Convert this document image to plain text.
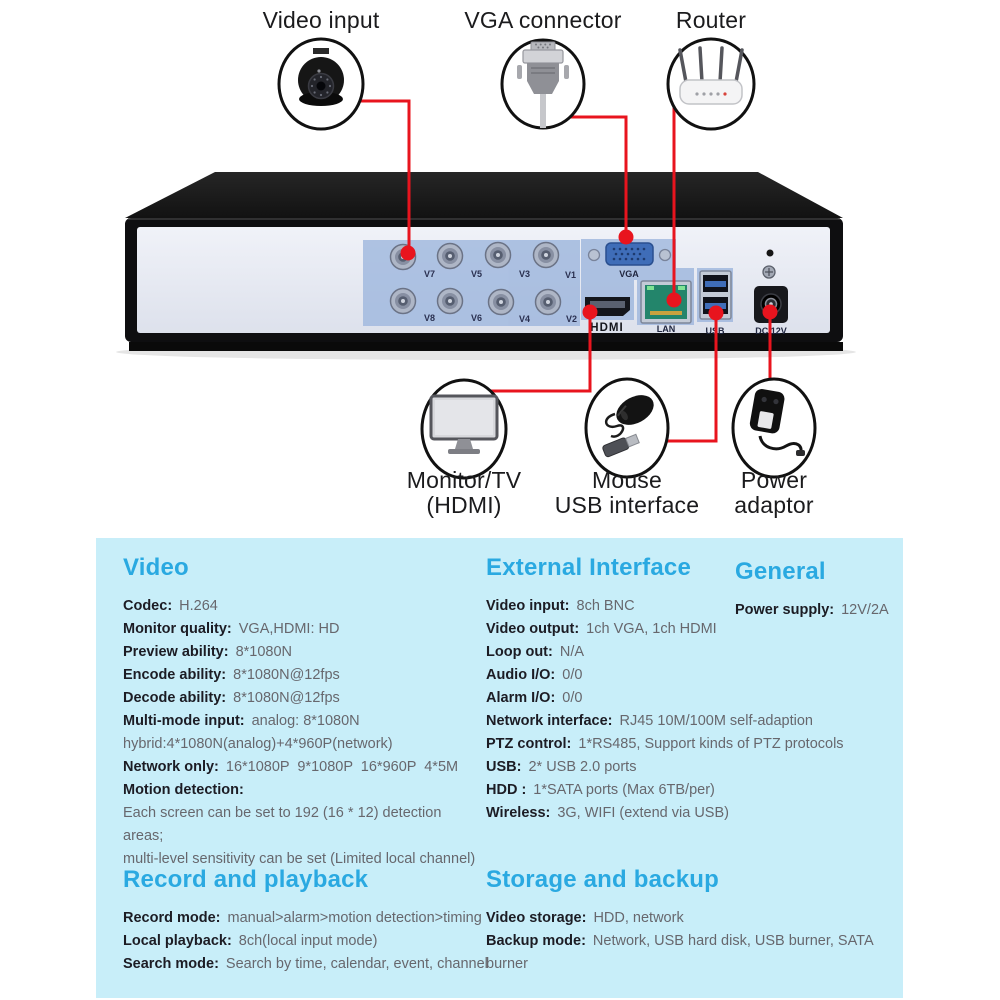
V7	V5	V3	V1
V8	V6	V4	V2
VGA
HDMI	LAN	USB	DC 12V
Video input	VGA connector Router
Monitor/TV
(HDMI)
Mouse
USB interface
Power
adaptor
Video
Codec: H.264
Monitor quality: VGA,HDMI: HD
Preview ability: 8*1080N
Encode ability: 8*1080N@12fps
Decode ability: 8*1080N@12fps
Multi-mode input: analog: 8*1080N
hybrid:4*1080N(analog)+4*960P(network)
Network only: 16*1080P  9*1080P  16*960P  4*5M
Motion detection:
Each screen can be set to 192 (16 * 12) detection areas;
multi-level sensitivity can be set (Limited local channel)
External Interface
Video input: 8ch BNC
Video output: 1ch VGA, 1ch HDMI
Loop out: N/A
Audio I/O: 0/0
Alarm I/O: 0/0
Network interface: RJ45 10M/100M self-adaption
PTZ control: 1*RS485, Support kinds of PTZ protocols
USB: 2* USB 2.0 ports
HDD : 1*SATA ports (Max 6TB/per)
Wireless: 3G, WIFI (extend via USB)
General
Power supply: 12V/2A
Record and playback
Record mode: manual>alarm>motion detection>timing
Local playback: 8ch(local input mode)
Search mode: Search by time, calendar, event, channel
Storage and backup
Video storage: HDD, network
Backup mode: Network, USB hard disk, USB burner, SATA burner
